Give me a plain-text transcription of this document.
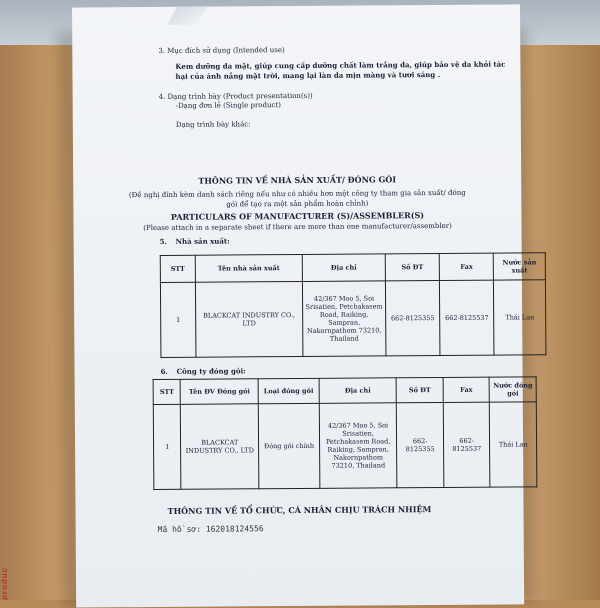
produc
3. Mục đích sử dụng (Intended use)
Kem dưỡng da mặt, giúp cung cấp dưỡng chất làm trắng da, giúp bảo vệ da khỏi tác
hại của ánh nắng mặt trời, mang lại làn da mịn màng và tươi sáng .
4. Dạng trình bày (Product presentation(s))
-Dạng đơn lẻ (Single product)
Dạng trình bày khác:
THÔNG TIN VỀ NHÀ SẢN XUẤT/ ĐÓNG GÓI
(Đề nghị đính kèm danh sách riêng nếu như có nhiều hơn một công ty tham gia sản xuất/ đóng
gói để tạo ra một sản phẩm hoàn chỉnh)
PARTICULARS OF MANUFACTURER (S)/ASSEMBLER(S)
(Please attach in a separate sheet if there are more than one manufacturer/assembler)
5. Nhà sản xuất:
STT	Tên nhà sản xuất	Địa chỉ	Số ĐT	Fax	Nước sản xuất
1	BLACKCAT INDUSTRY CO., LTD	42/367 Moo 5, Soi Srisatien, Petchakasem Road, Raiking, Sampran, Nakornpathom 73210, Thailand	662-8125355	662-8125537	Thái Lan
6. Công ty đóng gói:
STT	Tên ĐV Đóng gói	Loại đóng gói	Địa chỉ	Số ĐT	Fax	Nước đóng gói
1	BLACKCAT INDUSTRY CO., LTD	Đóng gói chính	42/367 Moo 5, Soi Srisatien, Petchakasem Road, Raiking, Sampran, Nakornpathom 73210, Thailand	662-8125355	662-8125537	Thái Lan
THÔNG TIN VỀ TỔ CHỨC, CÁ NHÂN CHỊU TRÁCH NHIỆM
Mã hồ sơ: 162018124556
